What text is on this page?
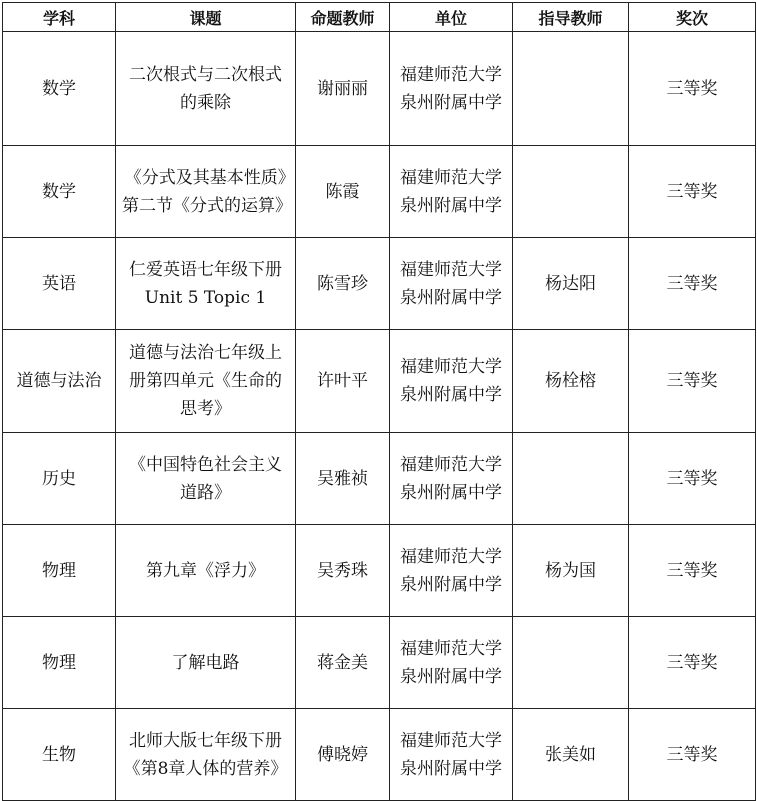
学科	课题	命题教师	单位	指导教师	奖次
数学	二次根式与二次根式的乘除	谢丽丽	福建师范大学泉州附属中学		三等奖
数学	《分式及其基本性质》第二节《分式的运算》	陈霞	福建师范大学泉州附属中学		三等奖
英语	仁爱英语七年级下册Unit 5 Topic 1	陈雪珍	福建师范大学泉州附属中学	杨达阳	三等奖
道德与法治	道德与法治七年级上册第四单元《生命的思考》	许叶平	福建师范大学泉州附属中学	杨栓榕	三等奖
历史	《中国特色社会主义道路》	吴雅祯	福建师范大学泉州附属中学		三等奖
物理	第九章《浮力》	吴秀珠	福建师范大学泉州附属中学	杨为国	三等奖
物理	了解电路	蒋金美	福建师范大学泉州附属中学		三等奖
生物	北师大版七年级下册《第8章人体的营养》	傅晓婷	福建师范大学泉州附属中学	张美如	三等奖
